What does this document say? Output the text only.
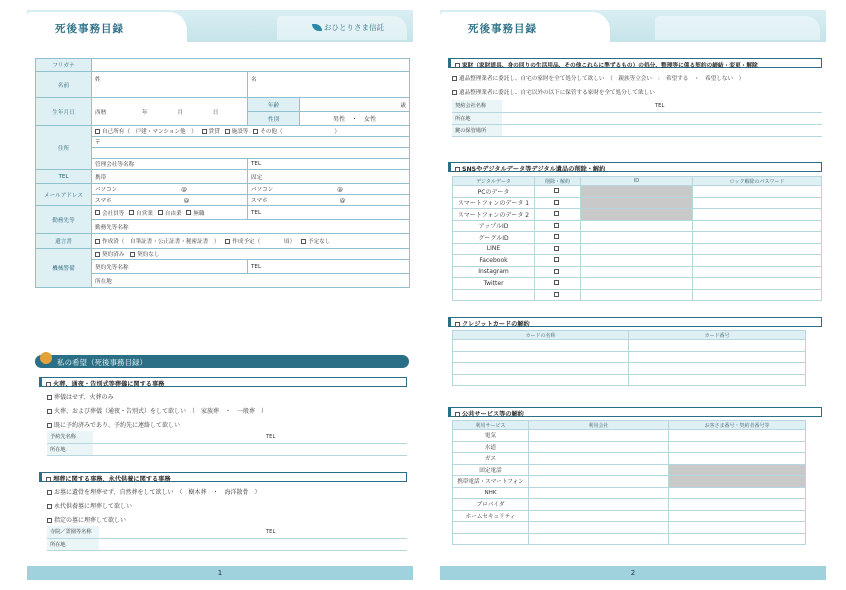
死後事務目録	おひとりさま信託
フリガナ			
名前	姓	名	
生年月日	西暦 年 月 日	年齢	歳
		性別	男性　 ・　 女性
住所	自己所有（　戸建・マンション他　） 賃貸 施設等 その他（ ）		
	〒		

	管理会社等名称	TEL	
TEL	携帯	固定	
メールアドレス	パソコン @	パソコン @	
	スマホ @	スマホ @	
勤務先等	会社員等 自営業 自由業 無職	TEL	
	勤務先等名称		
遺言書	作成済（　自筆証書・公正証書・秘密証書　） 作成予定（ 頃） 予定なし		
機械警備	契約済み 契約なし		
	契約先等名称	TEL	
	所在地		
私の希望（死後事務目録）
火葬、通夜・告別式等葬儀に関する事務
葬儀はせず、火葬のみ
火葬、および葬儀（通夜・告別式）をして欲しい　（　家族葬　・　一般葬　）
既に予約済みであり、予約先に連絡して欲しい
予約先名称		TEL
所在地		
埋葬に関する事務、永代供養に関する事務
お墓に遺骨を埋葬せず、自然葬をして欲しい　（　樹木葬　・　海洋散骨　）
永代供養墓に埋葬して欲しい
指定の墓に埋葬して欲しい
寺院／霊園等名称		TEL
所在地		
1
死後事務目録
家財（家財道具、身の回りの生活用品、その他これらに準ずるもの）の処分、整理等に係る契約の締結・変更・解除
遺品整理業者に委託し、自宅の家財を全て処分して欲しい　（　親族等立会い　：　希望する　・　希望しない　）
遺品整理業者に委託し、自宅以外の以下に保管する家財を全て処分して欲しい
契約会社名称		TEL
所在地		
鍵の保管場所		
SNSやデジタルデータ等デジタル遺品の削除・解約
デジタルデータ	削除・解約	ID	ロック解除のパスワード
PCのデータ			
スマートフォンのデータ 1			
スマートフォンのデータ 2			
アップルID			
グーグルID			
LINE			
Facebook			
Instagram			
Twitter			

クレジットカードの解約
カードの名称	カード番号

公共サービス等の解約
利用サービス	利用会社	お客さま番号・契約者番号等
電気		
水道		
ガス		
固定電話		
携帯電話・スマートフォン		
NHK		
プロバイダ		
ホームセキュリティ		

2
